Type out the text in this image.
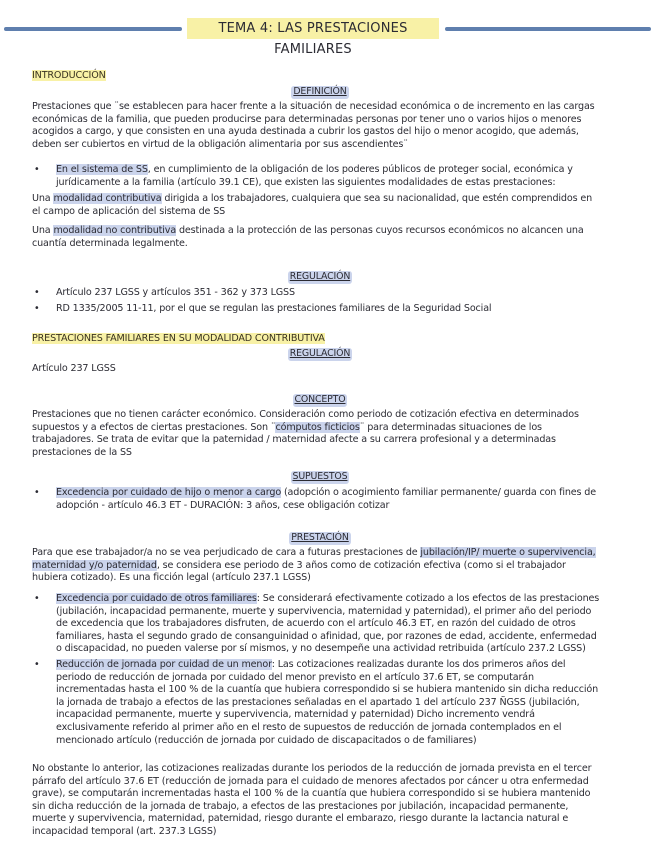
TEMA 4: LAS PRESTACIONES FAMILIARES
INTRODUCCIÓN
DEFINICIÓN

Prestaciones que ¨se establecen para hacer frente a la situación de necesidad económica o de incremento en las cargas económicas de la familia, que pueden producirse para determinadas personas por tener uno o varios hijos o menores acogidos a cargo, y que consisten en una ayuda destinada a cubrir los gastos del hijo o menor acogido, que además, deben ser cubiertos en virtud de la obligación alimentaria por sus ascendientes¨

• En el sistema de SS, en cumplimiento de la obligación de los poderes públicos de proteger social, económica y jurídicamente a la familia (artículo 39.1 CE), que existen las siguientes modalidades de estas prestaciones:

Una modalidad contributiva dirigida a los trabajadores, cualquiera que sea su nacionalidad, que estén comprendidos en el campo de aplicación del sistema de SS

Una modalidad no contributiva destinada a la protección de las personas cuyos recursos económicos no alcancen una cuantía determinada legalmente.

REGULACIÓN
• Artículo 237 LGSS y artículos 351 - 362 y 373 LGSS
• RD 1335/2005 11-11, por el que se regulan las prestaciones familiares de la Seguridad Social
PRESTACIONES FAMILIARES EN SU MODALIDAD CONTRIBUTIVA
REGULACIÓN

Artículo 237 LGSS

CONCEPTO

Prestaciones que no tienen carácter económico. Consideración como periodo de cotización efectiva en determinados supuestos y a efectos de ciertas prestaciones. Son ¨cómputos ficticios¨ para determinadas situaciones de los trabajadores. Se trata de evitar que la paternidad / maternidad afecte a su carrera profesional y a determinadas prestaciones de la SS

SUPUESTOS
• Excedencia por cuidado de hijo o menor a cargo (adopción o acogimiento familiar permanente/ guarda con fines de adopción - artículo 46.3 ET - DURACIÓN: 3 años, cese obligación cotizar
PRESTACIÓN

Para que ese trabajador/a no se vea perjudicado de cara a futuras prestaciones de jubilación/IP/ muerte o supervivencia, maternidad y/o paternidad, se considera ese periodo de 3 años como de cotización efectiva (como si el trabajador hubiera cotizado). Es una ficción legal (artículo 237.1 LGSS)

• Excedencia por cuidado de otros familiares: Se considerará efectivamente cotizado a los efectos de las prestaciones (jubilación, incapacidad permanente, muerte y supervivencia, maternidad y paternidad), el primer año del periodo de excedencia que los trabajadores disfruten, de acuerdo con el artículo 46.3 ET, en razón del cuidado de otros familiares, hasta el segundo grado de consanguinidad o afinidad, que, por razones de edad, accidente, enfermedad o discapacidad, no pueden valerse por sí mismos, y no desempeñe una actividad retribuida (artículo 237.2 LGSS)
• Reducción de jornada por cuidad de un menor: Las cotizaciones realizadas durante los dos primeros años del periodo de reducción de jornada por cuidado del menor previsto en el artículo 37.6 ET, se computarán incrementadas hasta el 100 % de la cuantía que hubiera correspondido si se hubiera mantenido sin dicha reducción la jornada de trabajo a efectos de las prestaciones señaladas en el apartado 1 del artículo 237 ÑGSS (jubilación, incapacidad permanente, muerte y supervivencia, maternidad y paternidad) Dicho incremento vendrá exclusivamente referido al primer año en el resto de supuestos de reducción de jornada contemplados en el mencionado artículo (reducción de jornada por cuidado de discapacitados o de familiares)

No obstante lo anterior, las cotizaciones realizadas durante los periodos de la reducción de jornada prevista en el tercer párrafo del artículo 37.6 ET (reducción de jornada para el cuidado de menores afectados por cáncer u otra enfermedad grave), se computarán incrementadas hasta el 100 % de la cuantía que hubiera correspondido si se hubiera mantenido sin dicha reducción de la jornada de trabajo, a efectos de las prestaciones por jubilación, incapacidad permanente, muerte y supervivencia, maternidad, paternidad, riesgo durante el embarazo, riesgo durante la lactancia natural e incapacidad temporal (art. 237.3 LGSS)
